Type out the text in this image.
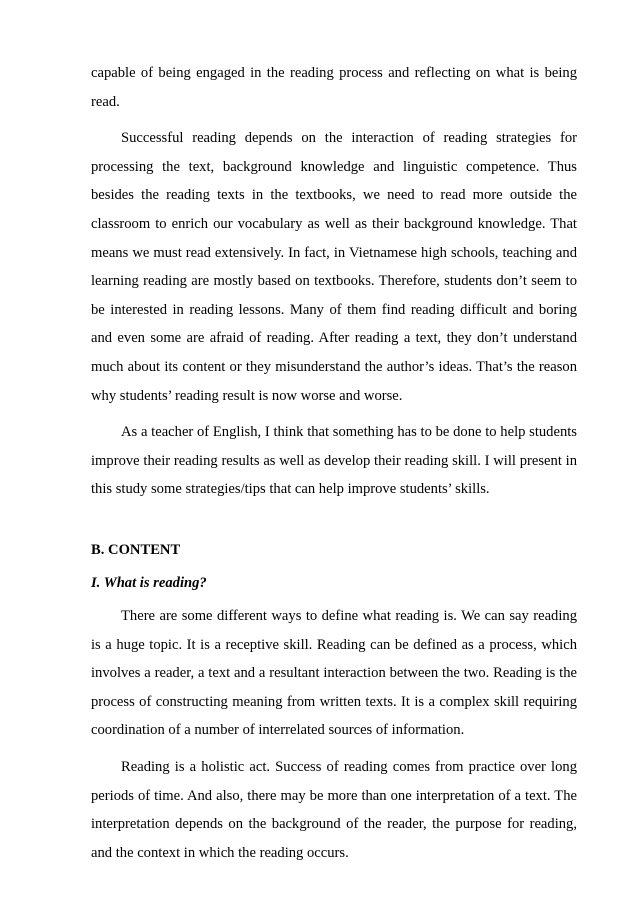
capable of being engaged in the reading process and reflecting on what is being read.

Successful reading depends on the interaction of reading strategies for processing the text, background knowledge and linguistic competence. Thus besides the reading texts in the textbooks, we need to read more outside the classroom to enrich our vocabulary as well as their background knowledge. That means we must read extensively. In fact, in Vietnamese high schools, teaching and learning reading are mostly based on textbooks. Therefore, students don’t seem to be interested in reading lessons. Many of them find reading difficult and boring and even some are afraid of reading. After reading a text, they don’t understand much about its content or they misunderstand the author’s ideas. That’s the reason why students’ reading result is now worse and worse.

As a teacher of English, I think that something has to be done to help students improve their reading results as well as develop their reading skill. I will present in this study some strategies/tips that can help improve students’ skills.

B. CONTENT

I. What is reading?

There are some different ways to define what reading is. We can say reading is a huge topic. It is a receptive skill. Reading can be defined as a process, which involves a reader, a text and a resultant interaction between the two. Reading is the process of constructing meaning from written texts. It is a complex skill requiring coordination of a number of interrelated sources of information.

Reading is a holistic act. Success of reading comes from practice over long periods of time. And also, there may be more than one interpretation of a text. The interpretation depends on the background of the reader, the purpose for reading, and the context in which the reading occurs.
